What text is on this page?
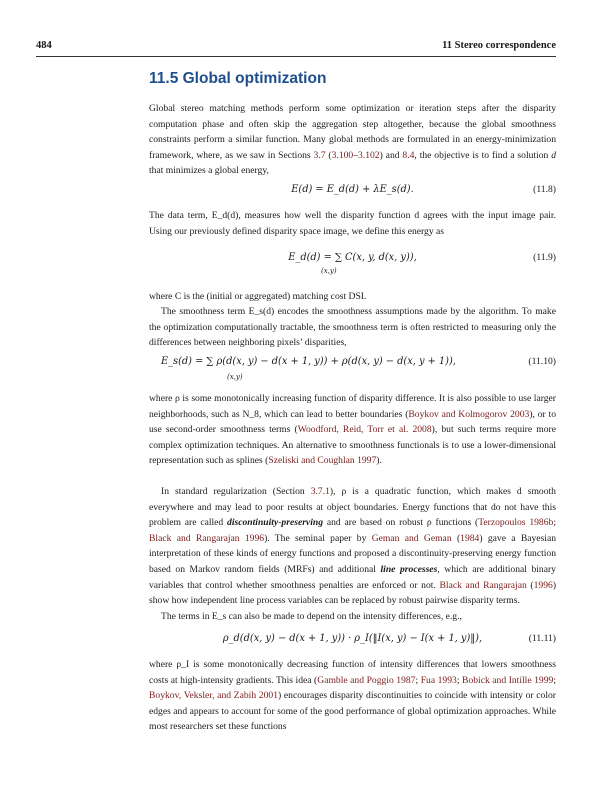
484	11 Stereo correspondence
11.5 Global optimization

Global stereo matching methods perform some optimization or iteration steps after the disparity computation phase and often skip the aggregation step altogether, because the global smoothness constraints perform a similar function. Many global methods are formulated in an energy-minimization framework, where, as we saw in Sections 3.7 (3.100–3.102) and 8.4, the objective is to find a solution d that minimizes a global energy,

E(d) = E_d(d) + λE_s(d).	(11.8)

The data term, E_d(d), measures how well the disparity function d agrees with the input image pair. Using our previously defined disparity space image, we define this energy as

E_d(d) = ∑ C(x, y, d(x, y)),
(x,y)
(11.9)

where C is the (initial or aggregated) matching cost DSI.

The smoothness term E_s(d) encodes the smoothness assumptions made by the algorithm. To make the optimization computationally tractable, the smoothness term is often restricted to measuring only the differences between neighboring pixels’ disparities,

E_s(d) = ∑ ρ(d(x, y) − d(x + 1, y)) + ρ(d(x, y) − d(x, y + 1)),
(x,y)
(11.10)

where ρ is some monotonically increasing function of disparity difference. It is also possible to use larger neighborhoods, such as N_8, which can lead to better boundaries (Boykov and Kolmogorov 2003), or to use second-order smoothness terms (Woodford, Reid, Torr et al. 2008), but such terms require more complex optimization techniques. An alternative to smoothness functionals is to use a lower-dimensional representation such as splines (Szeliski and Coughlan 1997).

In standard regularization (Section 3.7.1), ρ is a quadratic function, which makes d smooth everywhere and may lead to poor results at object boundaries. Energy functions that do not have this problem are called discontinuity-preserving and are based on robust ρ functions (Terzopoulos 1986b; Black and Rangarajan 1996). The seminal paper by Geman and Geman (1984) gave a Bayesian interpretation of these kinds of energy functions and proposed a discontinuity-preserving energy function based on Markov random fields (MRFs) and additional line processes, which are additional binary variables that control whether smoothness penalties are enforced or not. Black and Rangarajan (1996) show how independent line process variables can be replaced by robust pairwise disparity terms.

The terms in E_s can also be made to depend on the intensity differences, e.g.,

ρ_d(d(x, y) − d(x + 1, y)) · ρ_I(‖I(x, y) − I(x + 1, y)‖),	(11.11)

where ρ_I is some monotonically decreasing function of intensity differences that lowers smoothness costs at high-intensity gradients. This idea (Gamble and Poggio 1987; Fua 1993; Bobick and Intille 1999; Boykov, Veksler, and Zabih 2001) encourages disparity discontinuities to coincide with intensity or color edges and appears to account for some of the good performance of global optimization approaches. While most researchers set these functions
